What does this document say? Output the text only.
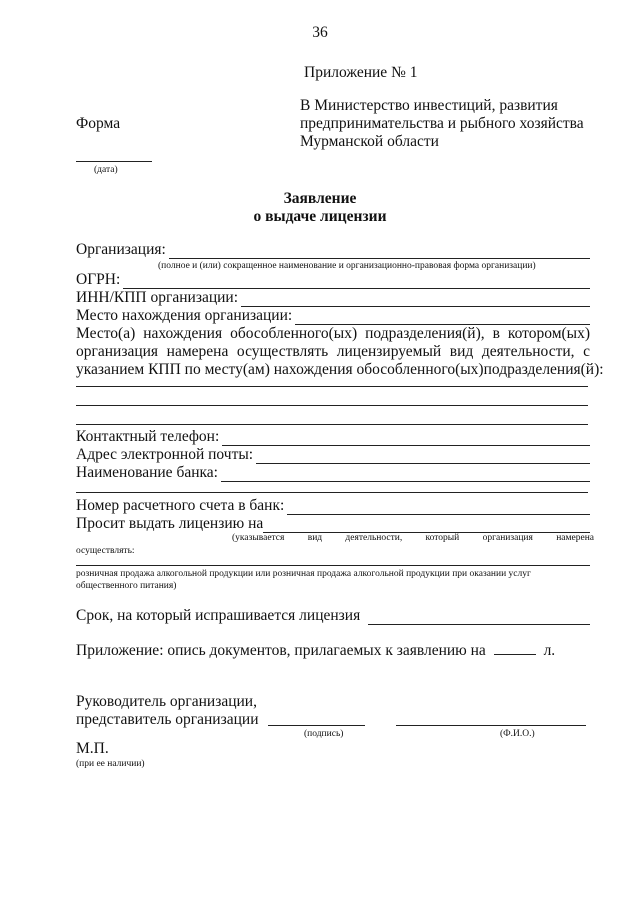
36
Приложение № 1
В Министерство инвестиций, развития
предпринимательства и рыбного хозяйства
Мурманской области
Форма
(дата)
Заявление
о выдаче лицензии
Организация:
(полное и (или) сокращенное наименование и организационно-правовая форма организации)
ОГРН:
ИНН/КПП организации:
Место нахождения организации:
Место(а) нахождения обособленного(ых) подразделения(й), в котором(ых)
организация намерена осуществлять лицензируемый вид деятельности, с
указанием КПП по месту(ам) нахождения обособленного(ых)подразделения(й):
Контактный телефон:
Адрес электронной почты:
Наименование банка:
Номер расчетного счета в банк:
Просит выдать лицензию на
(указывается вид деятельности, который организация намерена
осуществлять:
розничная продажа алкогольной продукции или розничная продажа алкогольной продукции при оказании услуг
общественного питания)
Срок, на который испрашивается лицензия
Приложение: опись документов, прилагаемых к заявлению на	л.
Руководитель организации,
представитель организации
(подпись)	(Ф.И.О.)
М.П.
(при ее наличии)
